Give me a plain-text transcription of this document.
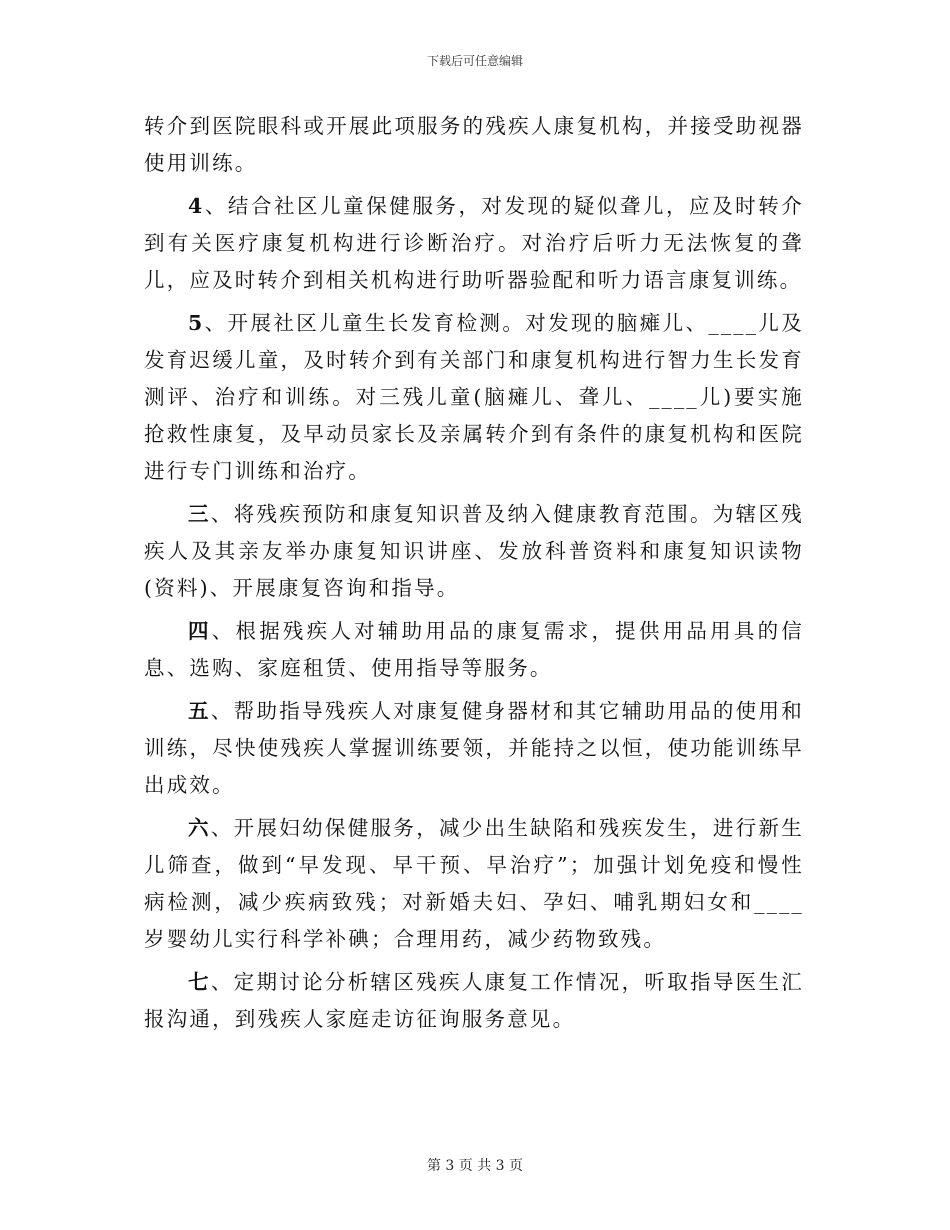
下载后可任意编辑

转介到医院眼科或开展此项服务的残疾人康复机构，并接受助视器使用训练。

4、结合社区儿童保健服务，对发现的疑似聋儿，应及时转介到有关医疗康复机构进行诊断治疗。对治疗后听力无法恢复的聋儿，应及时转介到相关机构进行助听器验配和听力语言康复训练。

5、开展社区儿童生长发育检测。对发现的脑瘫儿、____儿及发育迟缓儿童，及时转介到有关部门和康复机构进行智力生长发育测评、治疗和训练。对三残儿童(脑瘫儿、聋儿、____儿)要实施抢救性康复，及早动员家长及亲属转介到有条件的康复机构和医院进行专门训练和治疗。

三、将残疾预防和康复知识普及纳入健康教育范围。为辖区残疾人及其亲友举办康复知识讲座、发放科普资料和康复知识读物(资料)、开展康复咨询和指导。

四、根据残疾人对辅助用品的康复需求，提供用品用具的信息、选购、家庭租赁、使用指导等服务。

五、帮助指导残疾人对康复健身器材和其它辅助用品的使用和训练，尽快使残疾人掌握训练要领，并能持之以恒，使功能训练早出成效。

六、开展妇幼保健服务，减少出生缺陷和残疾发生，进行新生儿筛查，做到“早发现、早干预、早治疗”；加强计划免疫和慢性病检测，减少疾病致残；对新婚夫妇、孕妇、哺乳期妇女和____岁婴幼儿实行科学补碘；合理用药，减少药物致残。

七、定期讨论分析辖区残疾人康复工作情况，听取指导医生汇报沟通，到残疾人家庭走访征询服务意见。

第 3 页 共 3 页
